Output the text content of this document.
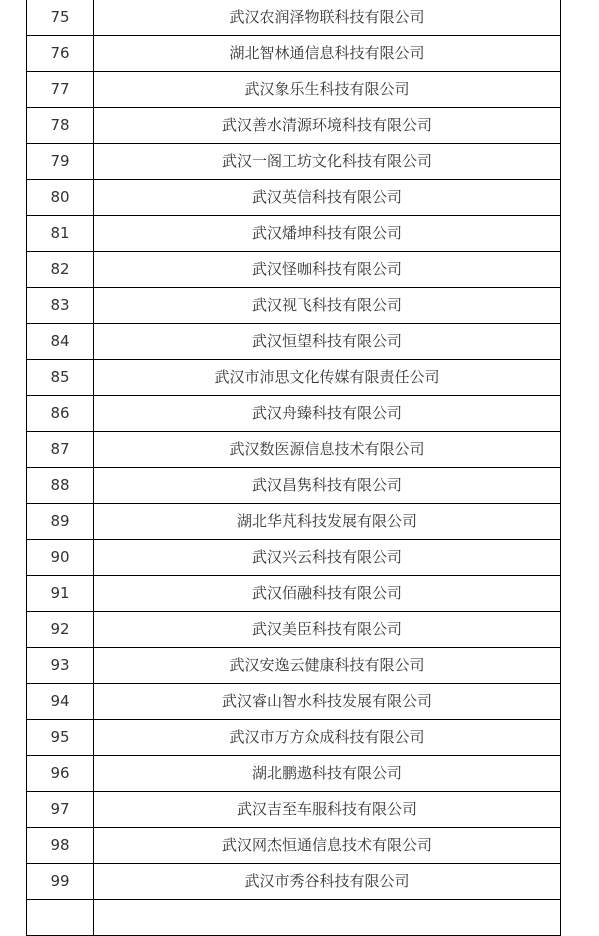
75	武汉农润泽物联科技有限公司
76	湖北智林通信息科技有限公司
77	武汉象乐生科技有限公司
78	武汉善水清源环境科技有限公司
79	武汉一阁工坊文化科技有限公司
80	武汉英信科技有限公司
81	武汉燔坤科技有限公司
82	武汉怪咖科技有限公司
83	武汉视飞科技有限公司
84	武汉恒望科技有限公司
85	武汉市沛思文化传媒有限责任公司
86	武汉舟臻科技有限公司
87	武汉数医源信息技术有限公司
88	武汉昌隽科技有限公司
89	湖北华芃科技发展有限公司
90	武汉兴云科技有限公司
91	武汉佰融科技有限公司
92	武汉美臣科技有限公司
93	武汉安逸云健康科技有限公司
94	武汉睿山智水科技发展有限公司
95	武汉市万方众成科技有限公司
96	湖北鹏遨科技有限公司
97	武汉吉至车服科技有限公司
98	武汉网杰恒通信息技术有限公司
99	武汉市秀谷科技有限公司
